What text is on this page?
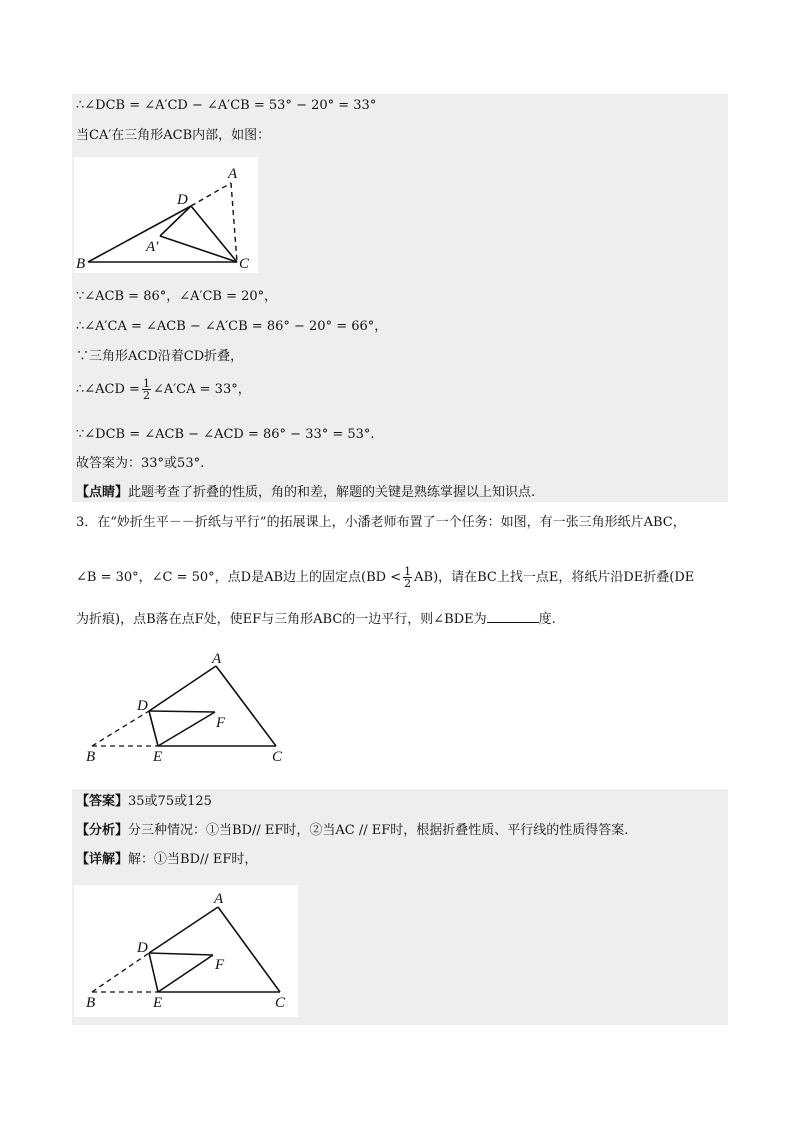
∴∠DCB = ∠A′CD − ∠A′CB = 53° − 20° = 33°
当CA′在三角形ACB内部，如图：
A
B	C
D
A′
∵∠ACB = 86°，∠A′CB = 20°，
∴∠A′CA = ∠ACB − ∠A′CB = 86° − 20° = 66°，
∵三角形ACD沿着CD折叠，
∴∠ACD = $\frac{1}{2}$ ∠A′CA = 33°，
∵∠DCB = ∠ACB − ∠ACD = 86° − 33° = 53°.
故答案为：33°或53°.
【点睛】此题考查了折叠的性质，角的和差，解题的关键是熟练掌握以上知识点.
3．在“妙折生平－－折纸与平行”的拓展课上，小潘老师布置了一个任务：如图，有一张三角形纸片ABC，
∠B = 30°，∠C = 50°，点D是AB边上的固定点$(BD < \frac{1}{2} AB)$，请在BC上找一点E，将纸片沿DE折叠(DE
为折痕)，点B落在点F处，使EF与三角形ABC的一边平行，则∠BDE为	度.
A
B	C
D
E
F
【答案】35或75或125
【分析】分三种情况：①当BD// EF时，②当AC // EF时，根据折叠性质、平行线的性质得答案.
【详解】解：①当BD// EF时，
A
B	C
D
E
F
